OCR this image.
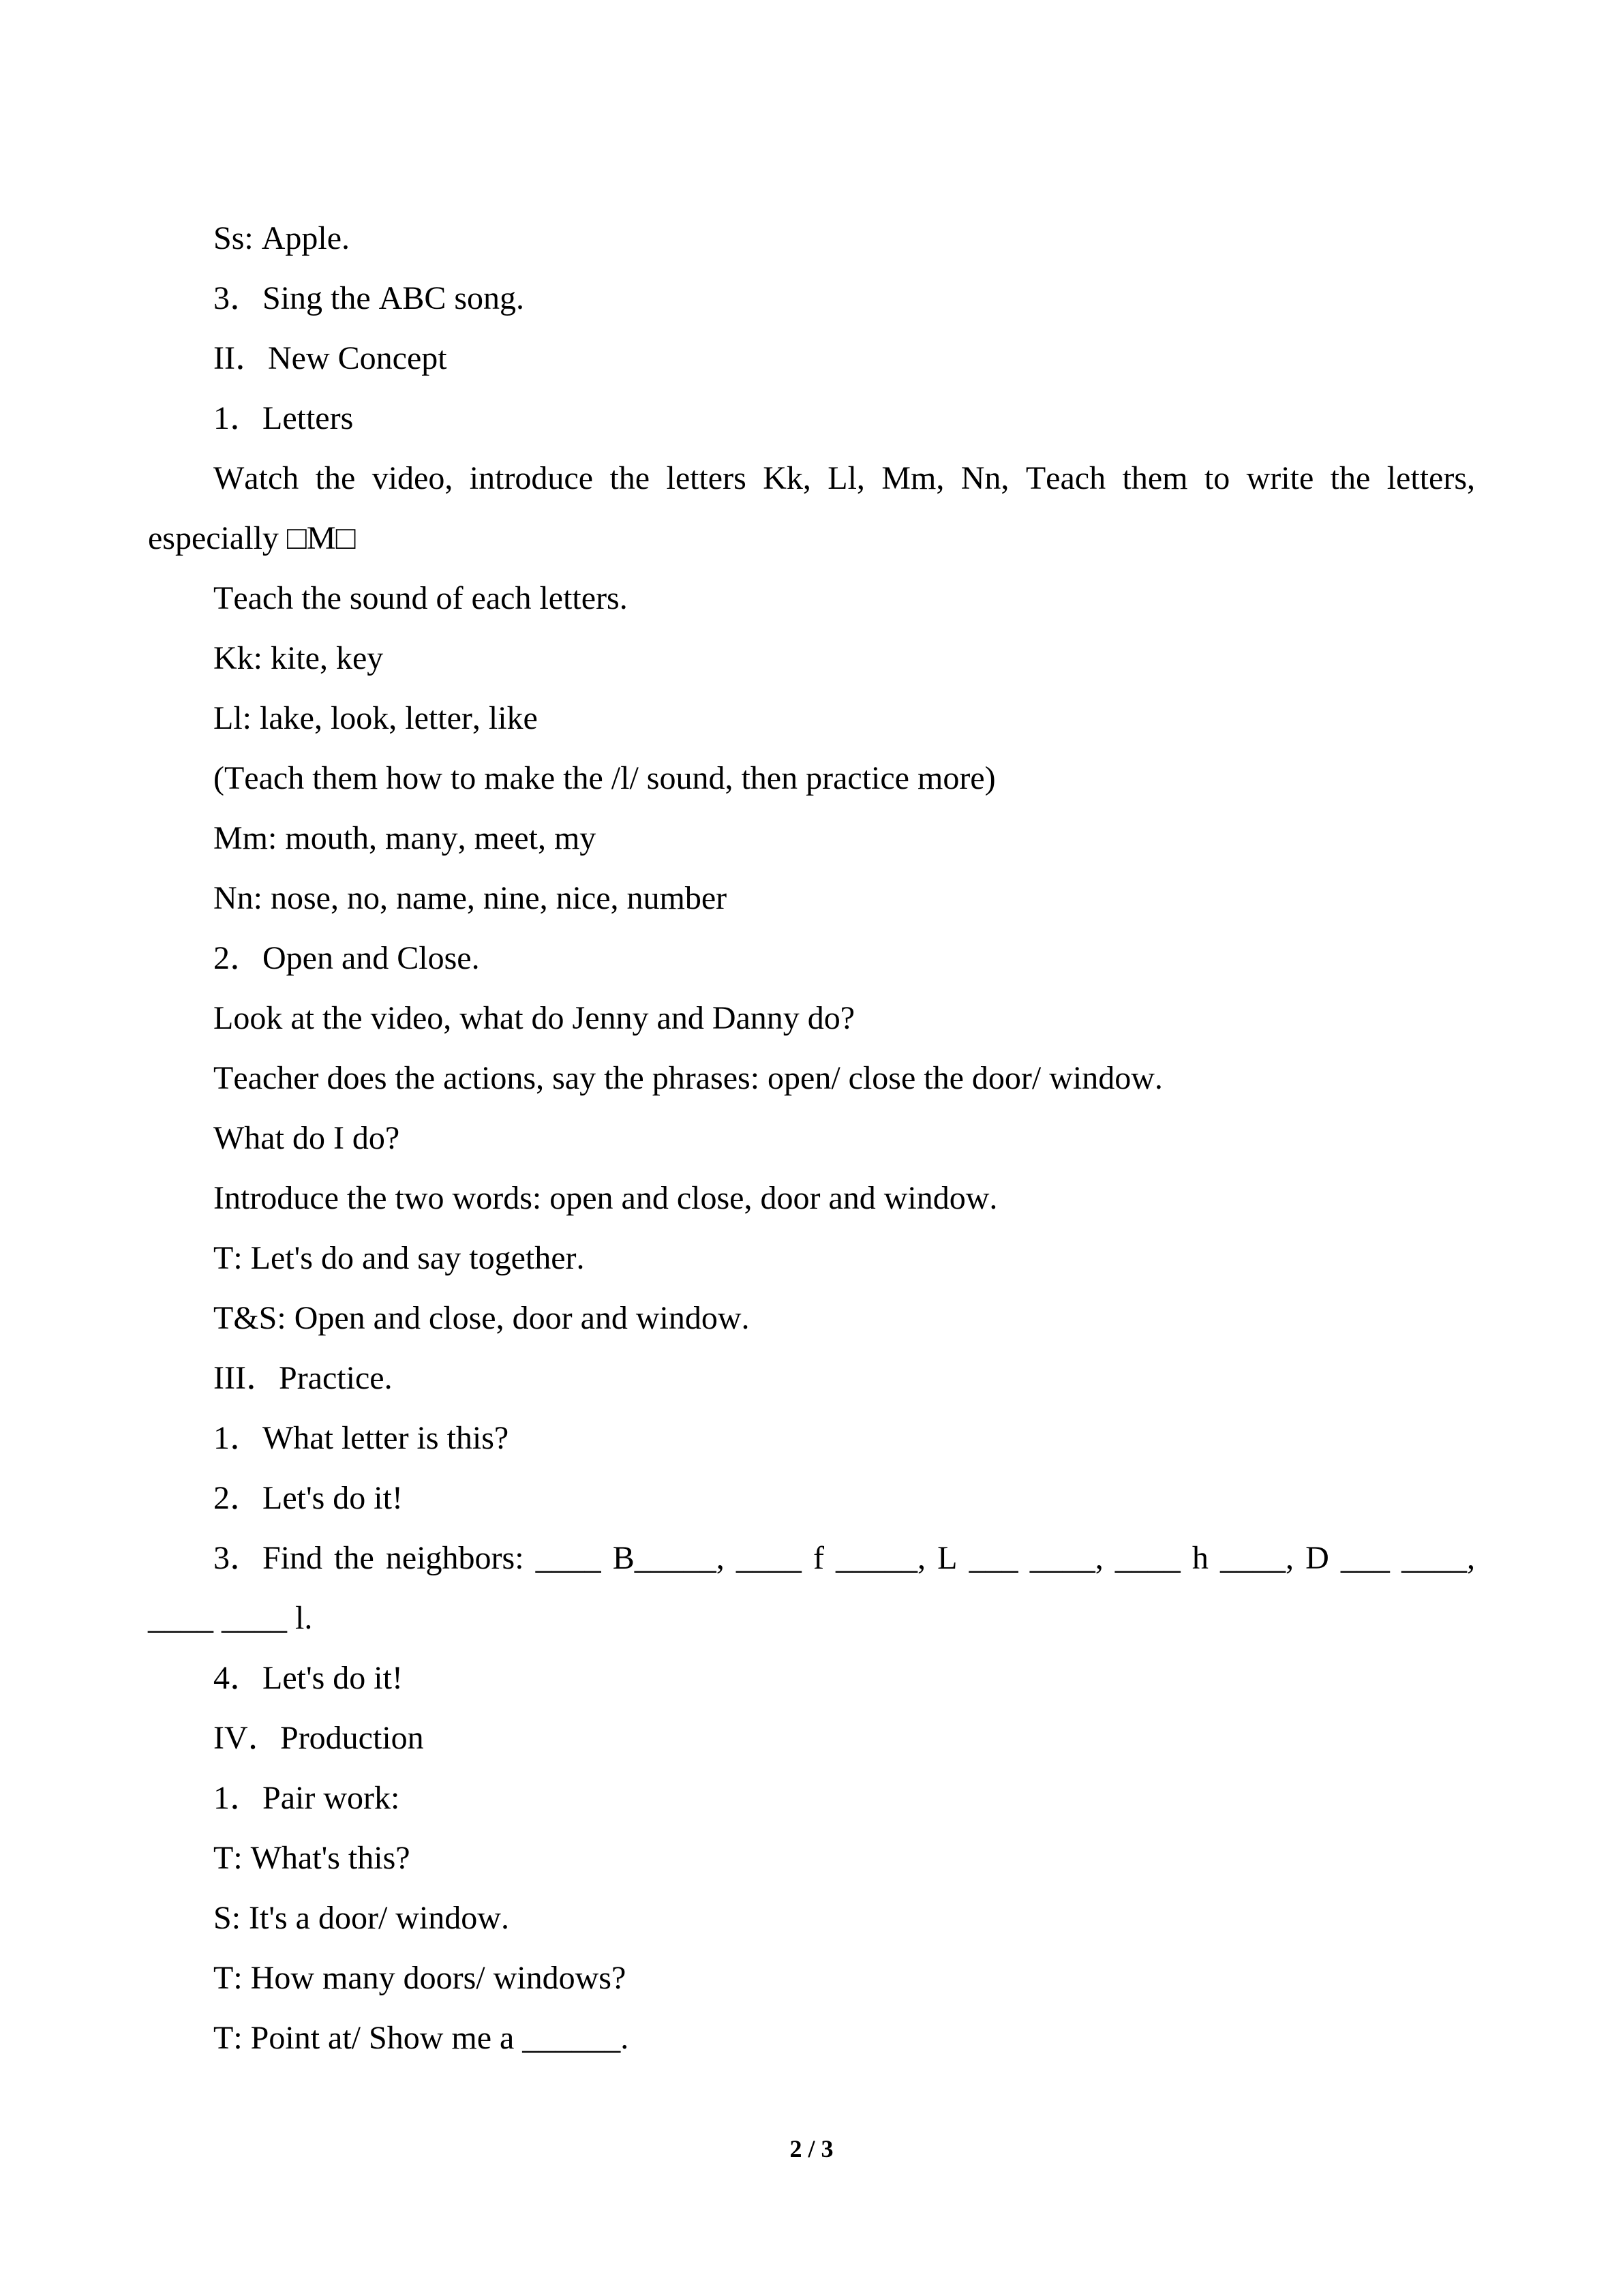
Ss: Apple.

3．Sing the ABC song.

II．New Concept

1．Letters

Watch the video, introduce the letters Kk, Ll, Mm, Nn, Teach them to write the letters, especially □M□

Teach the sound of each letters.

Kk: kite, key

Ll: lake, look, letter, like

(Teach them how to make the /l/ sound, then practice more)

Mm: mouth, many, meet, my

Nn: nose, no, name, nine, nice, number

2．Open and Close.

Look at the video, what do Jenny and Danny do?

Teacher does the actions, say the phrases: open/ close the door/ window.

What do I do?

Introduce the two words: open and close, door and window.

T: Let's do and say together.

T&S: Open and close, door and window.

III．Practice.

1．What letter is this?

2．Let's do it!

3．Find the neighbors: ____ B_____, ____ f _____, L ___ ____, ____ h ____, D ___ ____, ____ ____ l.

4．Let's do it!

IV．Production

1．Pair work:

T: What's this?

S: It's a door/ window.

T: How many doors/ windows?

T: Point at/ Show me a ______.

2 / 3
